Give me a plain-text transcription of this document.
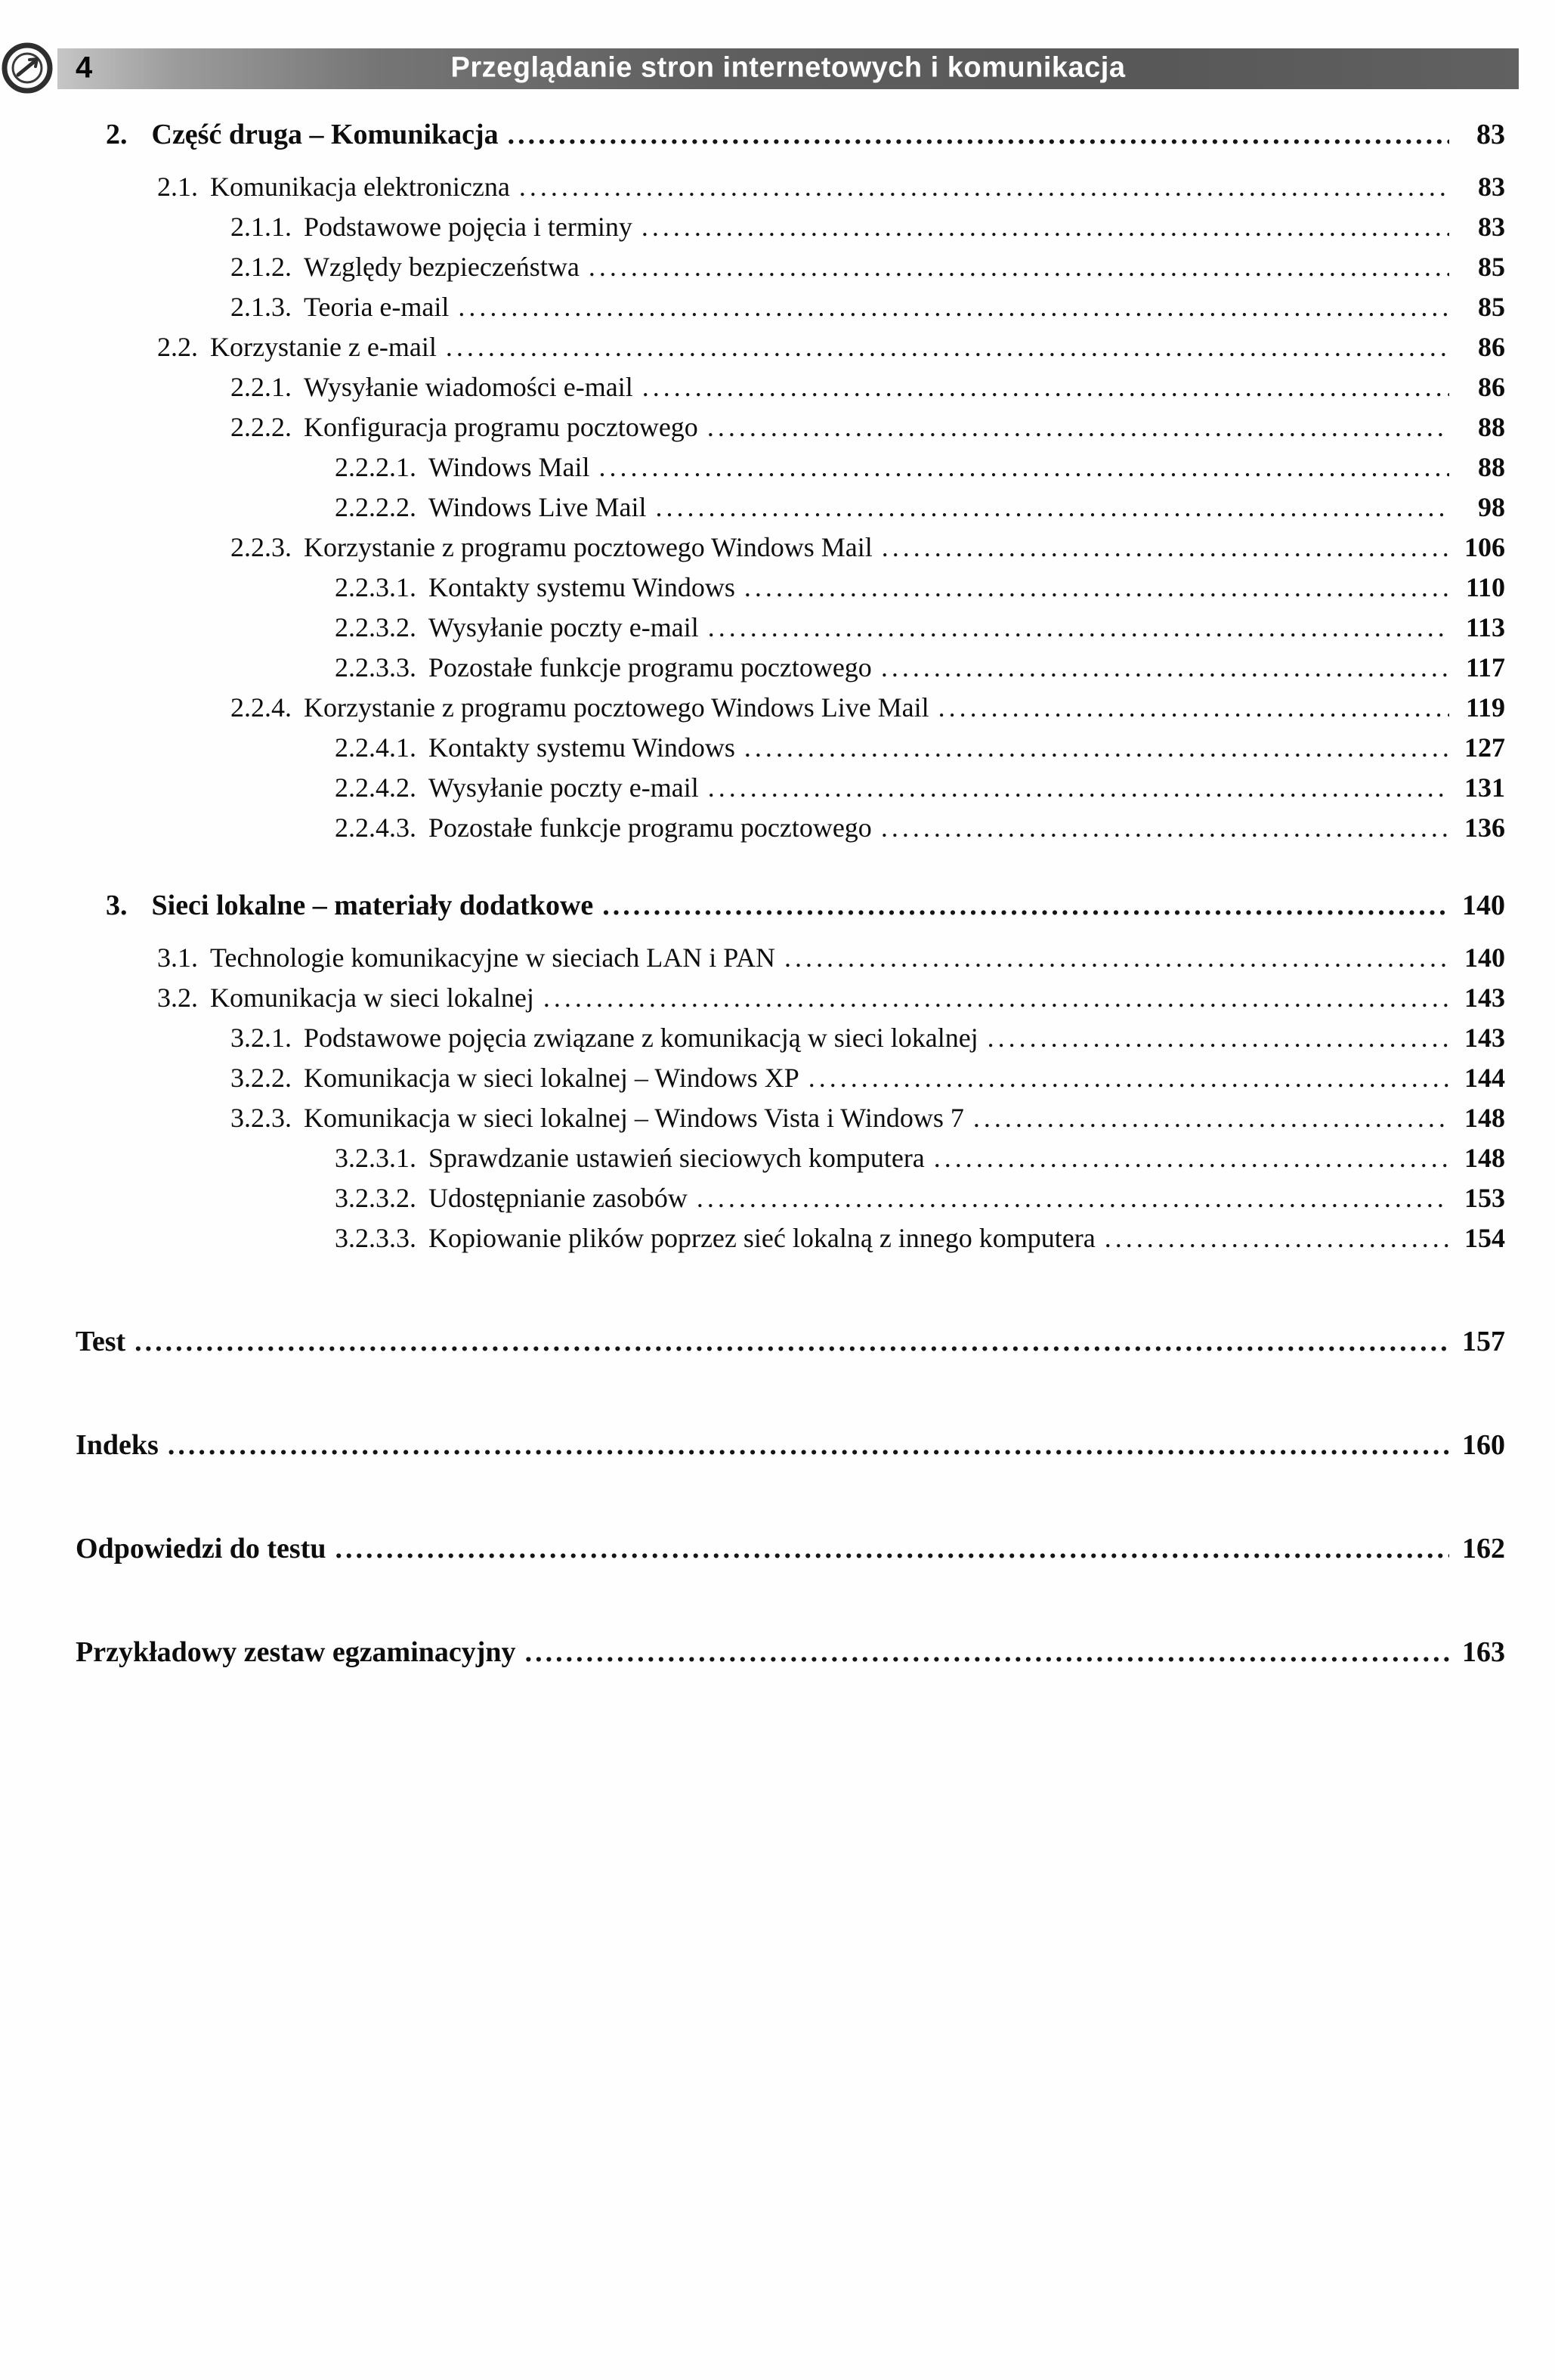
4	Przeglądanie stron internetowych i komunikacja
2. Część druga – Komunikacja .....	83
2.1. Komunikacja elektroniczna .....	83
2.1.1. Podstawowe pojęcia i terminy .....	83
2.1.2. Względy bezpieczeństwa .....	85
2.1.3. Teoria e-mail .....	85
2.2. Korzystanie z e-mail .....	86
2.2.1. Wysyłanie wiadomości e-mail .....	86
2.2.2. Konfiguracja programu pocztowego .....	88
2.2.2.1. Windows Mail .....	88
2.2.2.2. Windows Live Mail .....	98
2.2.3. Korzystanie z programu pocztowego Windows Mail .....	106
2.2.3.1. Kontakty systemu Windows .....	110
2.2.3.2. Wysyłanie poczty e-mail .....	113
2.2.3.3. Pozostałe funkcje programu pocztowego .....	117
2.2.4. Korzystanie z programu pocztowego Windows Live Mail .....	119
2.2.4.1. Kontakty systemu Windows .....	127
2.2.4.2. Wysyłanie poczty e-mail .....	131
2.2.4.3. Pozostałe funkcje programu pocztowego .....	136
3. Sieci lokalne – materiały dodatkowe .....	140
3.1. Technologie komunikacyjne w sieciach LAN i PAN .....	140
3.2. Komunikacja w sieci lokalnej .....	143
3.2.1. Podstawowe pojęcia związane z komunikacją w sieci lokalnej .....	143
3.2.2. Komunikacja w sieci lokalnej – Windows XP .....	144
3.2.3. Komunikacja w sieci lokalnej – Windows Vista i Windows 7 .....	148
3.2.3.1. Sprawdzanie ustawień sieciowych komputera .....	148
3.2.3.2. Udostępnianie zasobów .....	153
3.2.3.3. Kopiowanie plików poprzez sieć lokalną z innego komputera .....	154
Test .....	157
Indeks .....	160
Odpowiedzi do testu .....	162
Przykładowy zestaw egzaminacyjny .....	163
